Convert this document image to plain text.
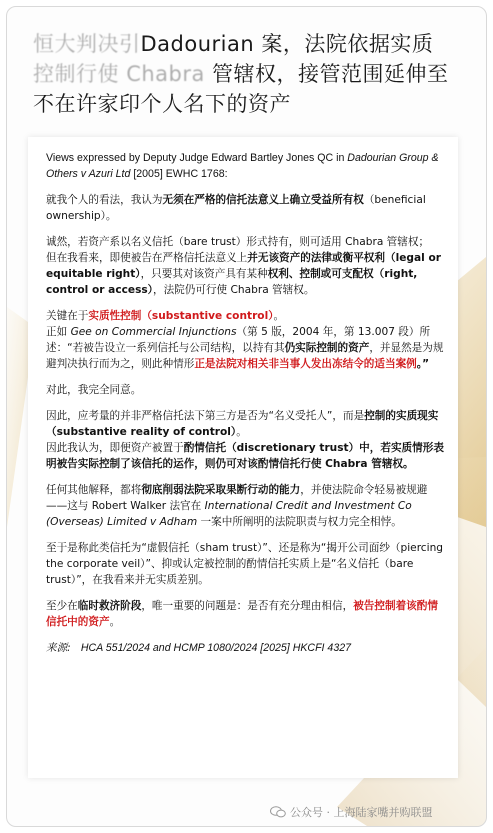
恒大判决引Dadourian 案，法院依据实质
控制行使 Chabra 管辖权，接管范围延伸至
不在许家印个人名下的资产

Views expressed by Deputy Judge Edward Bartley Jones QC in Dadourian Group & Others v Azuri Ltd [2005] EWHC 1768:

就我个人的看法，我认为无须在严格的信托法意义上确立受益所有权（beneficial ownership）。

诚然，若资产系以名义信托（bare trust）形式持有，则可适用 Chabra 管辖权；
但在我看来，即使被告在严格信托法意义上并无该资产的法律或衡平权利（legal or equitable right），只要其对该资产具有某种权利、控制或可支配权（right, control or access），法院仍可行使 Chabra 管辖权。

关键在于实质性控制（substantive control）。
正如 Gee on Commercial Injunctions（第 5 版，2004 年，第 13.007 段）所述：“若被告设立一系列信托与公司结构，以持有其仍实际控制的资产，并显然是为规避判决执行而为之，则此种情形正是法院对相关非当事人发出冻结令的适当案例。”

对此，我完全同意。

因此，应考量的并非严格信托法下第三方是否为“名义受托人”，而是控制的实质现实（substantive reality of control）。
因此我认为，即便资产被置于酌情信托（discretionary trust）中，若实质情形表明被告实际控制了该信托的运作，则仍可对该酌情信托行使 Chabra 管辖权。

任何其他解释，都将彻底削弱法院采取果断行动的能力，并使法院命令轻易被规避——这与 Robert Walker 法官在 International Credit and Investment Co (Overseas) Limited v Adham 一案中所阐明的法院职责与权力完全相悖。

至于是称此类信托为“虚假信托（sham trust）”、还是称为“揭开公司面纱（piercing the corporate veil）”、抑或认定被控制的酌情信托实质上是“名义信托（bare trust）”，在我看来并无实质差别。

至少在临时救济阶段，唯一重要的问题是：是否有充分理由相信，被告控制着该酌情信托中的资产。

来源: HCA 551/2024 and HCMP 1080/2024 [2025] HKCFI 4327

公众号 · 上海陆家嘴并购联盟
